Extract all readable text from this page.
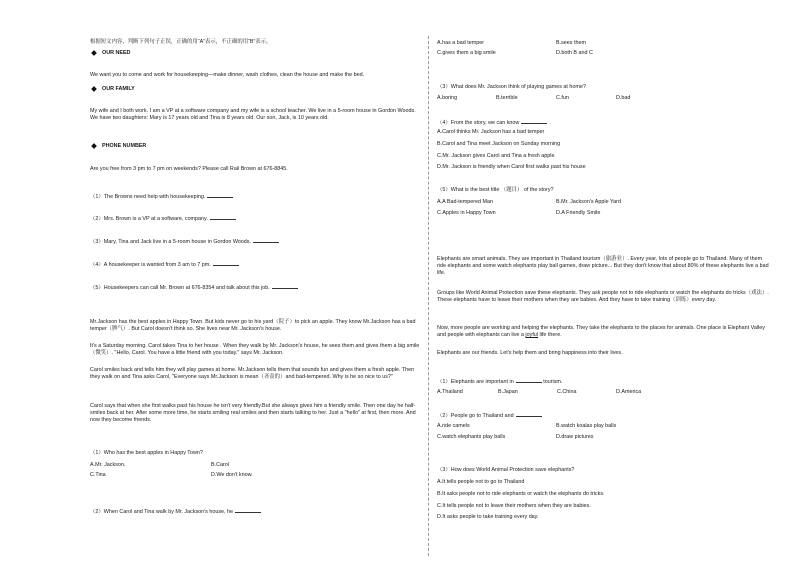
根据短文内容，判断下列句子正误，正确的用“A”表示，不正确的用“B”表示。
OUR NEED
We want you to come and work for housekeeping—make dinner, wash clothes, clean the house and make the bed.
OUR FAMILY
My wife and I both work. I am a VP at a software company and my wife is a school teacher. We live in a 5-room house in Gordon Woods. We have two daughters: Mary is 17 years old and Tina is 8 years old. Our son, Jack, is 10 years old.
PHONE NUMBER
Are you free from 3 pm to 7 pm on weekends? Please call Rail Brown at 676-8845.
（1）The Browns need help with housekeeping.
（2）Mrs. Brown is a VP at a software, company.
（3）Mary, Tina and Jack live in a 5-room house in Gordon Woods.
（4）A housekeeper is wanted from 3 am to 7 pm.
（5）Housekeepers can call Mr. Brown at 676-8354 and talk about this job.
Mr.Jackson has the best apples in Happy Town. But kids never go to his yard（院子）to pick an apple. They know Mr.Jackson has a bad temper（脾气）. But Carol doesn't think so. She lives near Mr. Jackson's house.
It's a Saturday morning. Carol takes Tina to her house . When they walk by Mr. Jackson's house, he sees them and gives them a big smile（微笑）. "Hello, Carol. You have a little friend with you today." says Mr. Jackson.
Carol smiles back and tells him they will play games at home. Mr.Jackson tells them that sounds fun and gives them a fresh apple. Then they walk on and Tina asks Carol, "Everyone says Mr.Jackson is mean（吝啬的）and bad-tempered. Why is he so nice to us?"
Carol says that when she first walks past his house he isn't very friendly.But she always gives him a friendly smile. Then one day he half-smiles back at her. After some more time, he starts smiling real smiles and then starts talking to her. Just a "hello" at first, then more. And now they become friends.
（1）Who has the best apples in Happy Town?
A.Mr. Jackson.	B.Carol
C.Tina	D.We don't know.
（2）When Carol and Tina walk by Mr. Jackson's house, he
A.has a bad temper	B.sees them
C.gives them a big smile	D.both B and C
（3）What does Mr. Jackson think of playing games at home?
A.boring	B.terrible	C.fun	D.bad
（4）From the story, we can know
A.Carol thinks Mr. Jackson has a bad temper
B.Carol and Tina meet Jackson on Sunday morning
C.Mr. Jackson gives Carol and Tina a fresh apple
D.Mr. Jackson is friendly when Carol first walks past his house
（5）What is the best title （题目） of the story?
A.A Bad-tempered Man	B.Mr. Jackson's Apple Yard
C.Apples in Happy Town	D.A Friendly Smile
Elephants are smart animals. They are important in Thailand tourism（旅游业）. Every year, lots of people go to Thailand. Many of them ride elephants and some watch elephants play ball games, draw picture... But they don't know that about 80% of these elephants live a bad life.
Groups like World Animal Protection save these elephants. They ask people not to ride elephants or watch the elephants do tricks（戏法）. These elephants have to leave their mothers when they are babies. And they have to take training（训练）every day.
Now, more people are working and helping the elephants. They take the elephants to the places for animals. One place is Elephant Valley and people with elephants can live a joyful life there.
Elephants are our friends. Let's help them and bring happiness into their lives.
（1）Elephants are important in	tourism.
A.Thailand	B.Japan	C.China	D.America
（2）People go to Thailand and
A.ride camels	B.watch koalas play balls
C.watch elephants play balls	D.draw pictures
（3）How does World Animal Protection save elephants?
A.It tells people not to go to Thailand
B.It asks people not to ride elephants or watch the elephants do tricks.
C.It tells people not to leave their mothers when they are babies.
D.It asks people to take training every day.
